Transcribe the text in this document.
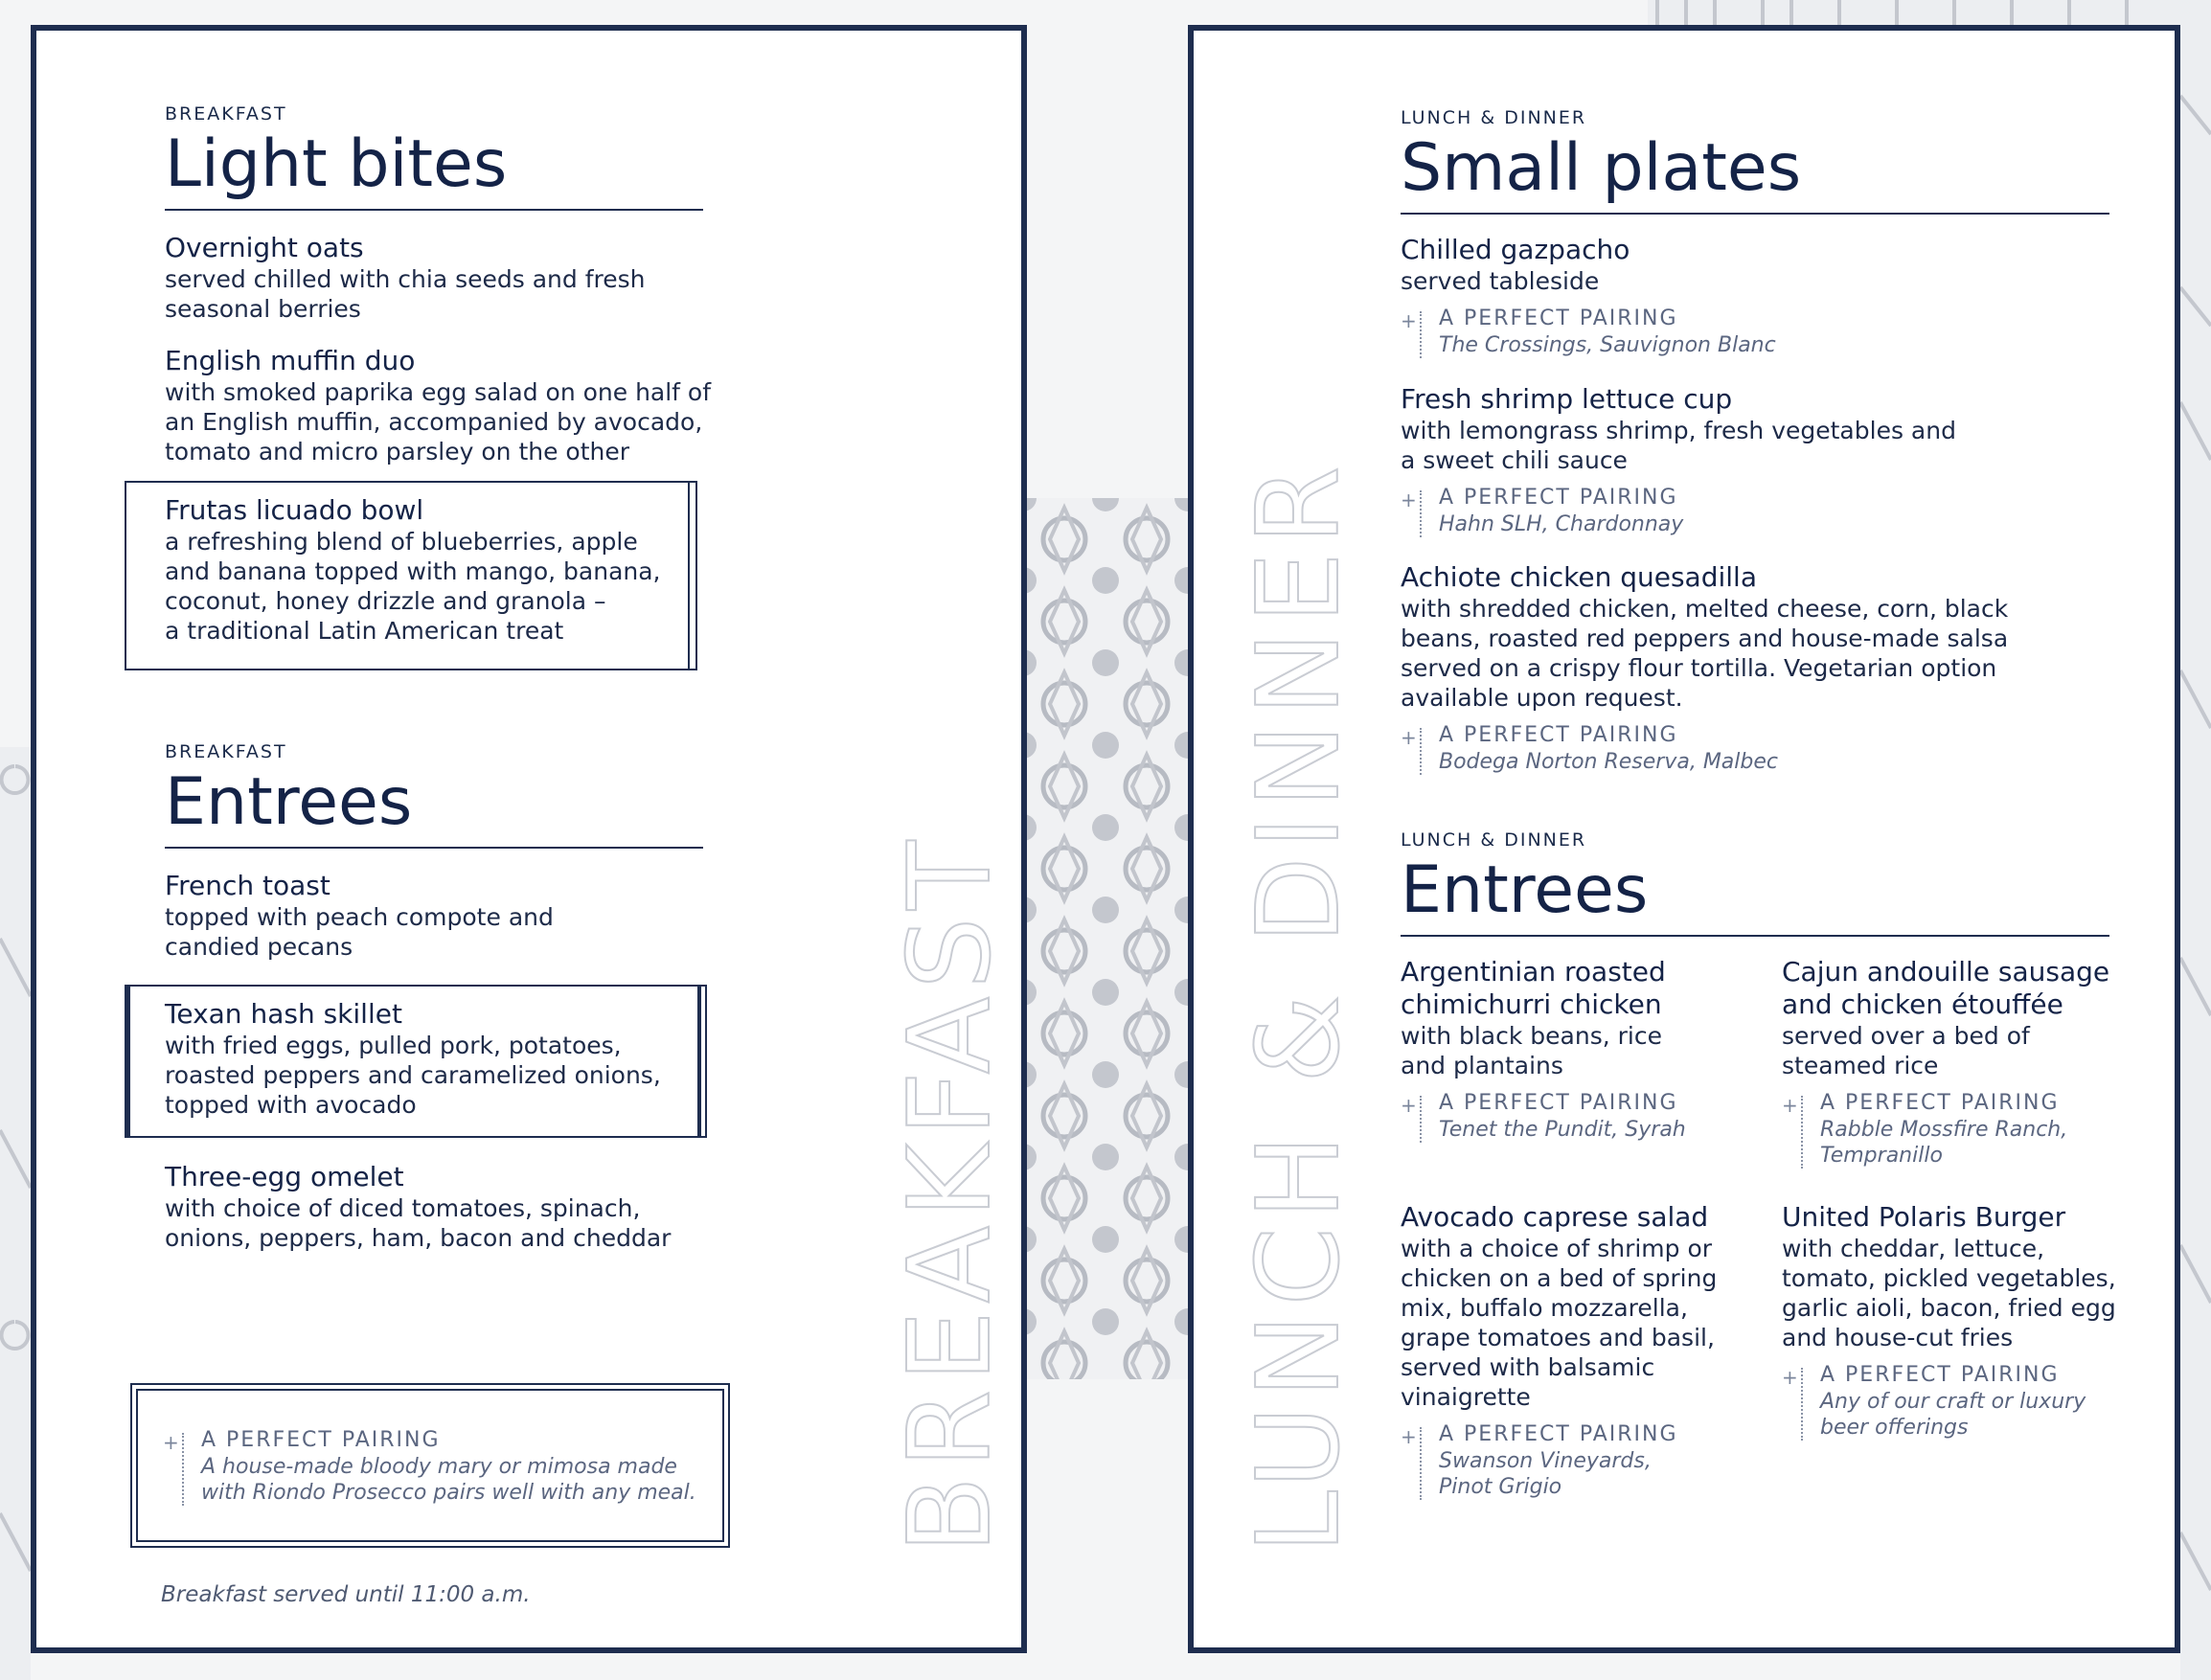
BREAKFAST
Light bites
Overnight oats
served chilled with chia seeds and fresh
seasonal berries
English muffin duo
with smoked paprika egg salad on one half of
an English muffin, accompanied by avocado,
tomato and micro parsley on the other
Frutas licuado bowl
a refreshing blend of blueberries, apple
and banana topped with mango, banana,
coconut, honey drizzle and granola –
a traditional Latin American treat
BREAKFAST
Entrees
French toast
topped with peach compote and
candied pecans
Texan hash skillet
with fried eggs, pulled pork, potatoes,
roasted peppers and caramelized onions,
topped with avocado
Three-egg omelet
with choice of diced tomatoes, spinach,
onions, peppers, ham, bacon and cheddar
+ A PERFECT PAIRING
A house-made bloody mary or mimosa made
with Riondo Prosecco pairs well with any meal.
Breakfast served until 11:00 a.m.
BREAKFAST LUNCH & DINNER
LUNCH & DINNER
Small plates
Chilled gazpacho
served tableside
+ A PERFECT PAIRING
The Crossings, Sauvignon Blanc
Fresh shrimp lettuce cup
with lemongrass shrimp, fresh vegetables and
a sweet chili sauce
+ A PERFECT PAIRING
Hahn SLH, Chardonnay
Achiote chicken quesadilla
with shredded chicken, melted cheese, corn, black
beans, roasted red peppers and house-made salsa
served on a crispy flour tortilla. Vegetarian option
available upon request.
+ A PERFECT PAIRING
Bodega Norton Reserva, Malbec
LUNCH & DINNER
Entrees
Argentinian roasted
chimichurri chicken
with black beans, rice
and plantains
+ A PERFECT PAIRING
Tenet the Pundit, Syrah
Cajun andouille sausage
and chicken étouffée
served over a bed of
steamed rice
+ A PERFECT PAIRING
Rabble Mossfire Ranch,
Tempranillo
Avocado caprese salad
with a choice of shrimp or
chicken on a bed of spring
mix, buffalo mozzarella,
grape tomatoes and basil,
served with balsamic
vinaigrette
+ A PERFECT PAIRING
Swanson Vineyards,
Pinot Grigio
United Polaris Burger
with cheddar, lettuce,
tomato, pickled vegetables,
garlic aioli, bacon, fried egg
and house-cut fries
+ A PERFECT PAIRING
Any of our craft or luxury
beer offerings
